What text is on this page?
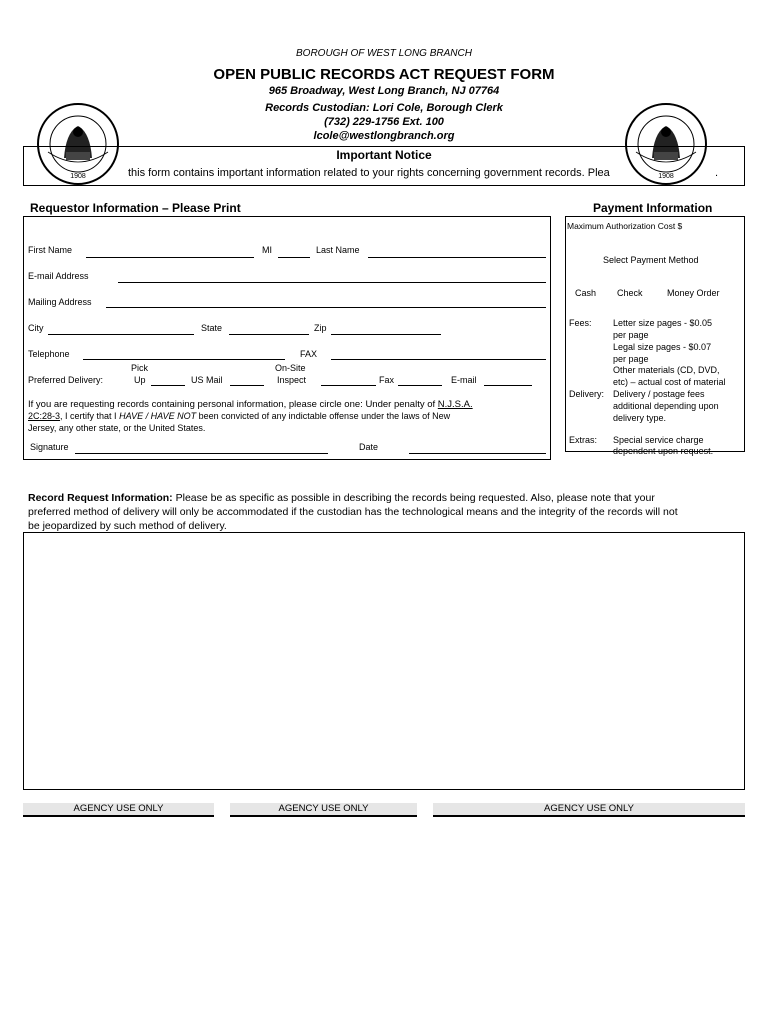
BOROUGH OF WEST LONG BRANCH
OPEN PUBLIC RECORDS ACT REQUEST FORM
965 Broadway, West Long Branch, NJ 07764
Records Custodian: Lori Cole, Borough Clerk
(732) 229-1756 Ext. 100
lcole@westlongbranch.org
1908	1908
Important Notice
this form contains important information related to your rights concerning government records. Plea	.
Requestor Information – Please Print	Payment Information
First Name	MI	Last Name
E-mail Address
Mailing Address
City	State	Zip
Telephone	FAX
Pick	On-Site
Preferred Delivery:	Up	US Mail	Inspect	Fax	E-mail
If you are requesting records containing personal information, please circle one: Under penalty of N.J.S.A.
2C:28-3, I certify that I HAVE / HAVE NOT been convicted of any indictable offense under the laws of New
Jersey, any other state, or the United States.
Signature	Date
Maximum Authorization Cost $
Select Payment Method
Cash Check	Money Order
Fees: Letter size pages - $0.05
per page
Legal size pages - $0.07
per page
Other materials (CD, DVD,
etc) – actual cost of material
Delivery: Delivery / postage fees
additional depending upon
delivery type.
Extras: Special service charge
dependent upon request.
Record Request Information: Please be as specific as possible in describing the records being requested. Also, please note that your
preferred method of delivery will only be accommodated if the custodian has the technological means and the integrity of the records will not
be jeopardized by such method of delivery.
AGENCY USE ONLY	AGENCY USE ONLY	AGENCY USE ONLY
